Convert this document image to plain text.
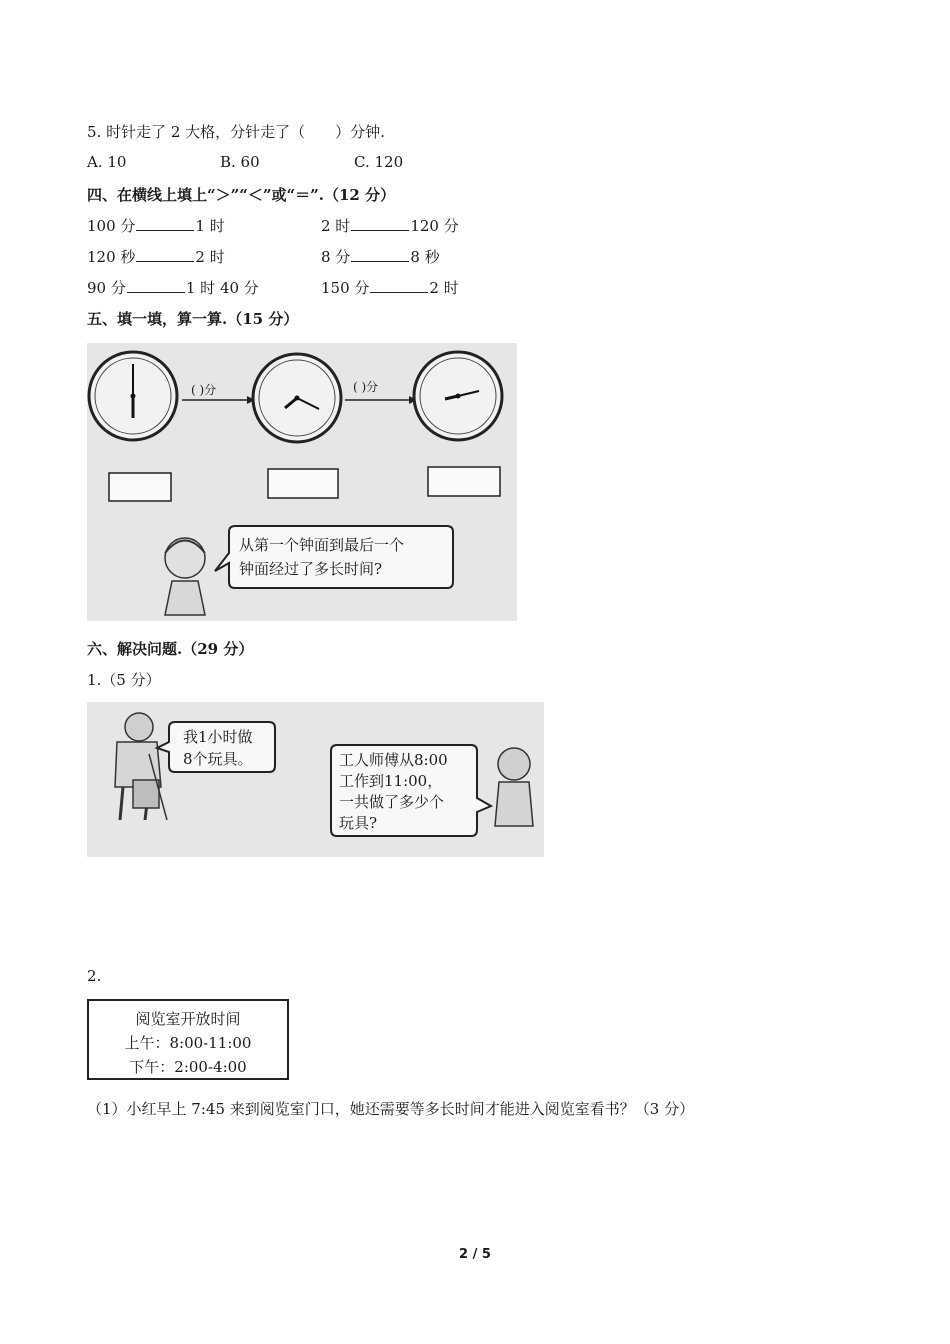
5. 时针走了 2 大格，分针走了（　　）分钟.
A. 10	B. 60	C. 120
四、在横线上填上“＞”“＜”或“＝”.（12 分）
100 分	1 时	2 时	120 分
120 秒	2 时	8 分	8 秒
90 分	1 时 40 分	150 分	2 时
五、填一填，算一算.（15 分）
( )分	( )分
从第一个钟面到最后一个
钟面经过了多长时间?
六、解决问题.（29 分）
1.（5 分）
我1小时做
8个玩具。	工人师傅从8:00
工作到11:00，
一共做了多少个
玩具?
2.
阅览室开放时间
上午：8:00-11:00
下午：2:00-4:00
（1）小红早上 7:45 来到阅览室门口，她还需要等多长时间才能进入阅览室看书？（3 分）
2 / 5
